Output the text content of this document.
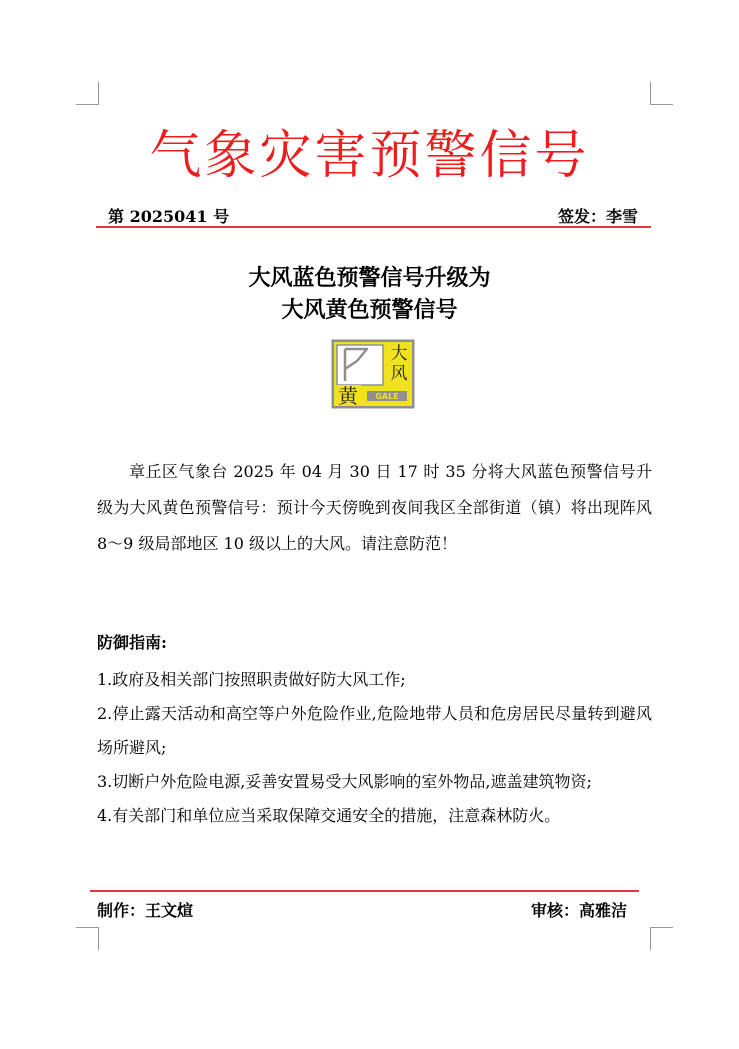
气象灾害预警信号
第 2025041 号	签发：李雪
大风蓝色预警信号升级为
大风黄色预警信号
大
风
黄 GALE

章丘区气象台 2025 年 04 月 30 日 17 时 35 分将大风蓝色预警信号升级为大风黄色预警信号：预计今天傍晚到夜间我区全部街道（镇）将出现阵风 8～9 级局部地区 10 级以上的大风。请注意防范！

防御指南:
1.政府及相关部门按照职责做好防大风工作;
2.停止露天活动和高空等户外危险作业,危险地带人员和危房居民尽量转到避风场所避风;
3.切断户外危险电源,妥善安置易受大风影响的室外物品,遮盖建筑物资;
4.有关部门和单位应当采取保障交通安全的措施，注意森林防火。
制作：王文煊	审核：高雅洁
